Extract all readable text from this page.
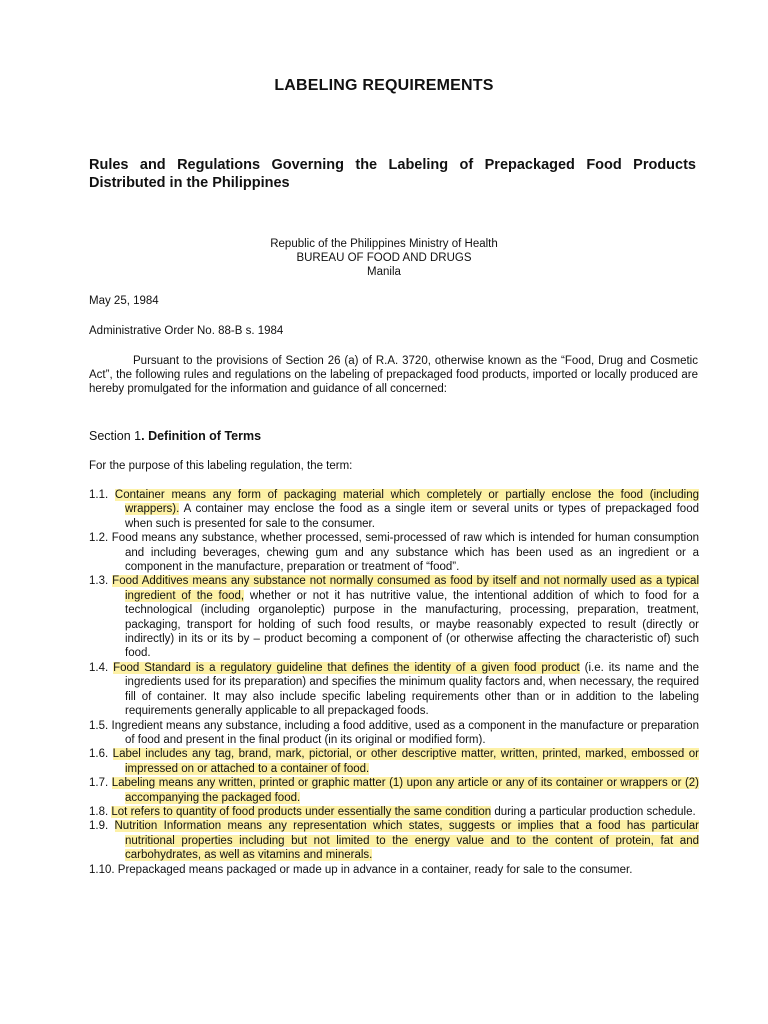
LABELING REQUIREMENTS
Rules and Regulations Governing the Labeling of Prepackaged Food Products Distributed in the Philippines
Republic of the Philippines Ministry of Health
BUREAU OF FOOD AND DRUGS
Manila
May 25, 1984
Administrative Order No. 88-B s. 1984
Pursuant to the provisions of Section 26 (a) of R.A. 3720, otherwise known as the “Food, Drug and Cosmetic Act”, the following rules and regulations on the labeling of prepackaged food products, imported or locally produced are hereby promulgated for the information and guidance of all concerned:
Section 1. Definition of Terms
For the purpose of this labeling regulation, the term:

1.1. Container means any form of packaging material which completely or partially enclose the food (including wrappers). A container may enclose the food as a single item or several units or types of prepackaged food when such is presented for sale to the consumer.

1.2. Food means any substance, whether processed, semi-processed of raw which is intended for human consumption and including beverages, chewing gum and any substance which has been used as an ingredient or a component in the manufacture, preparation or treatment of “food”.

1.3. Food Additives means any substance not normally consumed as food by itself and not normally used as a typical ingredient of the food, whether or not it has nutritive value, the intentional addition of which to food for a technological (including organoleptic) purpose in the manufacturing, processing, preparation, treatment, packaging, transport for holding of such food results, or maybe reasonably expected to result (directly or indirectly) in its or its by – product becoming a component of (or otherwise affecting the characteristic of) such food.

1.4. Food Standard is a regulatory guideline that defines the identity of a given food product (i.e. its name and the ingredients used for its preparation) and specifies the minimum quality factors and, when necessary, the required fill of container. It may also include specific labeling requirements other than or in addition to the labeling requirements generally applicable to all prepackaged foods.

1.5. Ingredient means any substance, including a food additive, used as a component in the manufacture or preparation of food and present in the final product (in its original or modified form).

1.6. Label includes any tag, brand, mark, pictorial, or other descriptive matter, written, printed, marked, embossed or impressed on or attached to a container of food.

1.7. Labeling means any written, printed or graphic matter (1) upon any article or any of its container or wrappers or (2) accompanying the packaged food.

1.8. Lot refers to quantity of food products under essentially the same condition during a particular production schedule.

1.9. Nutrition Information means any representation which states, suggests or implies that a food has particular nutritional properties including but not limited to the energy value and to the content of protein, fat and carbohydrates, as well as vitamins and minerals.

1.10. Prepackaged means packaged or made up in advance in a container, ready for sale to the consumer.
